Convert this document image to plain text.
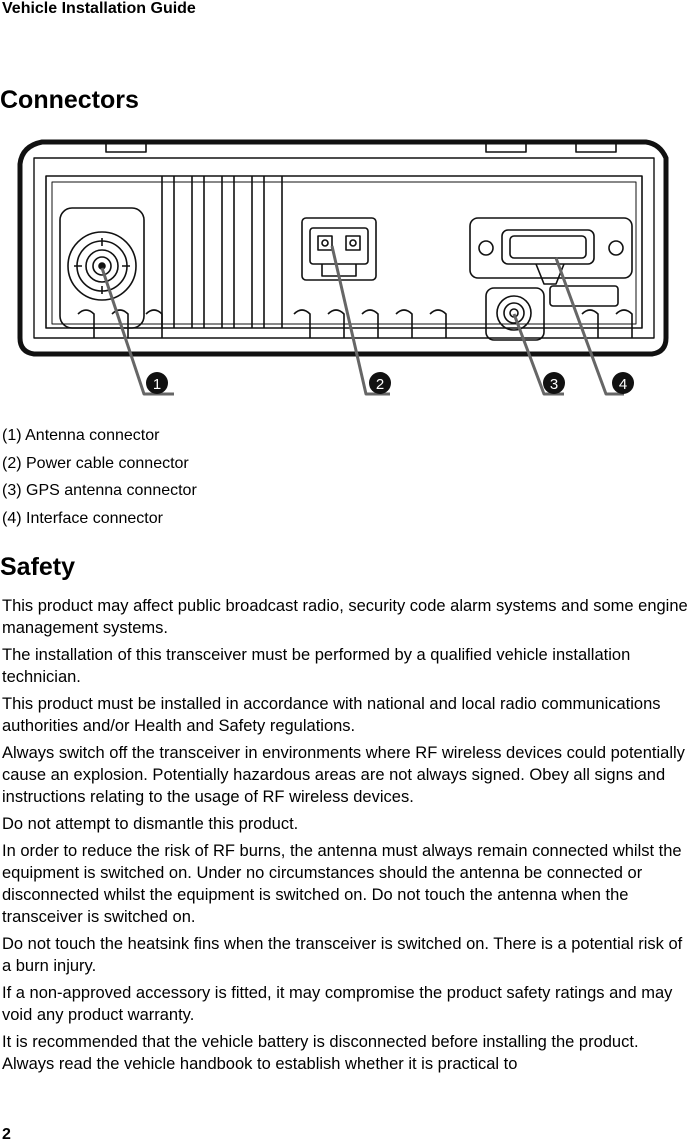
Vehicle Installation Guide
Connectors
1	2	3	4
(1) Antenna connector
(2) Power cable connector
(3) GPS antenna connector
(4) Interface connector
Safety

This product may affect public broadcast radio, security code alarm systems and some engine management systems.

The installation of this transceiver must be performed by a qualified vehicle installation technician.

This product must be installed in accordance with national and local radio communications authorities and/or Health and Safety regulations.

Always switch off the transceiver in environments where RF wireless devices could potentially cause an explosion. Potentially hazardous areas are not always signed. Obey all signs and instructions relating to the usage of RF wireless devices.

Do not attempt to dismantle this product.

In order to reduce the risk of RF burns, the antenna must always remain connected whilst the equipment is switched on. Under no circumstances should the antenna be connected or disconnected whilst the equipment is switched on. Do not touch the antenna when the transceiver is switched on.

Do not touch the heatsink fins when the transceiver is switched on. There is a potential risk of a burn injury.

If a non-approved accessory is fitted, it may compromise the product safety ratings and may void any product warranty.

It is recommended that the vehicle battery is disconnected before installing the product. Always read the vehicle handbook to establish whether it is practical to

2
